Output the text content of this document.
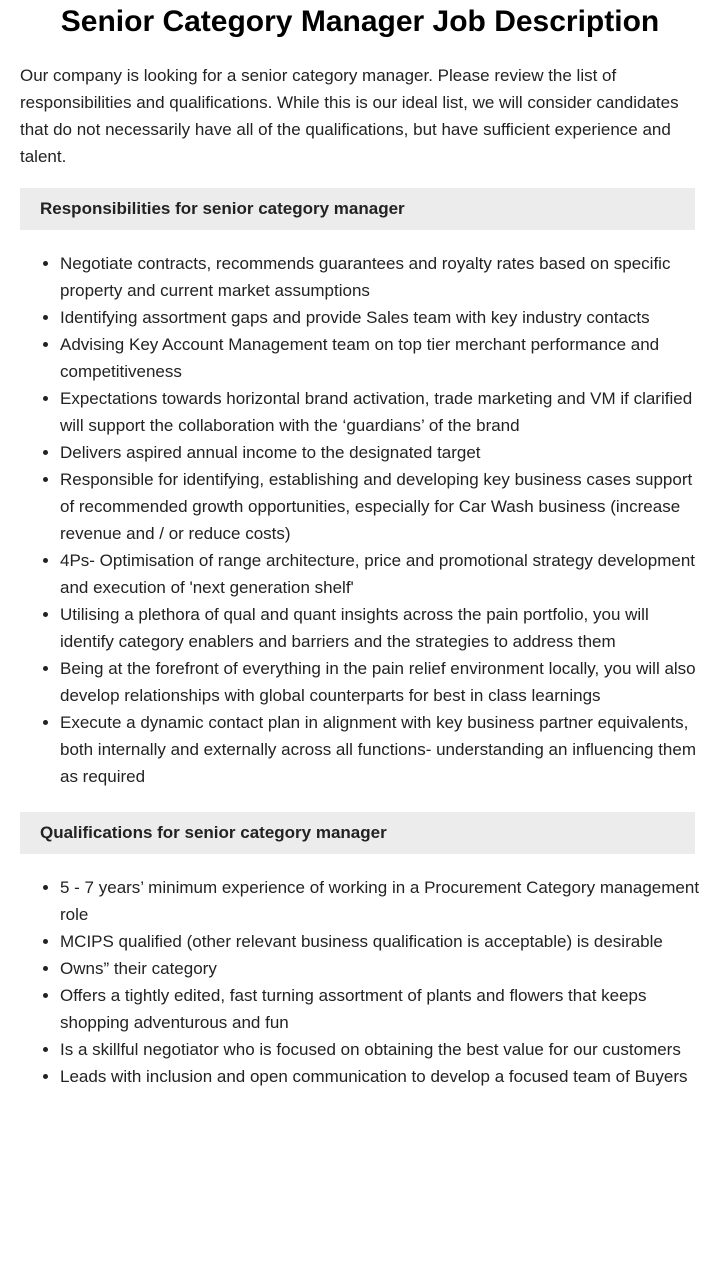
Senior Category Manager Job Description

Our company is looking for a senior category manager. Please review the list of responsibilities and qualifications. While this is our ideal list, we will consider candidates that do not necessarily have all of the qualifications, but have sufficient experience and talent.

Responsibilities for senior category manager
• Negotiate contracts, recommends guarantees and royalty rates based on specific property and current market assumptions
• Identifying assortment gaps and provide Sales team with key industry contacts
• Advising Key Account Management team on top tier merchant performance and competitiveness
• Expectations towards horizontal brand activation, trade marketing and VM if clarified will support the collaboration with the ‘guardians’ of the brand
• Delivers aspired annual income to the designated target
• Responsible for identifying, establishing and developing key business cases support of recommended growth opportunities, especially for Car Wash business (increase revenue and / or reduce costs)
• 4Ps- Optimisation of range architecture, price and promotional strategy development and execution of 'next generation shelf'
• Utilising a plethora of qual and quant insights across the pain portfolio, you will identify category enablers and barriers and the strategies to address them
• Being at the forefront of everything in the pain relief environment locally, you will also develop relationships with global counterparts for best in class learnings
• Execute a dynamic contact plan in alignment with key business partner equivalents, both internally and externally across all functions- understanding an influencing them as required
Qualifications for senior category manager
• 5 - 7 years’ minimum experience of working in a Procurement Category management role
• MCIPS qualified (other relevant business qualification is acceptable) is desirable
• Owns” their category
• Offers a tightly edited, fast turning assortment of plants and flowers that keeps shopping adventurous and fun
• Is a skillful negotiator who is focused on obtaining the best value for our customers
• Leads with inclusion and open communication to develop a focused team of Buyers
